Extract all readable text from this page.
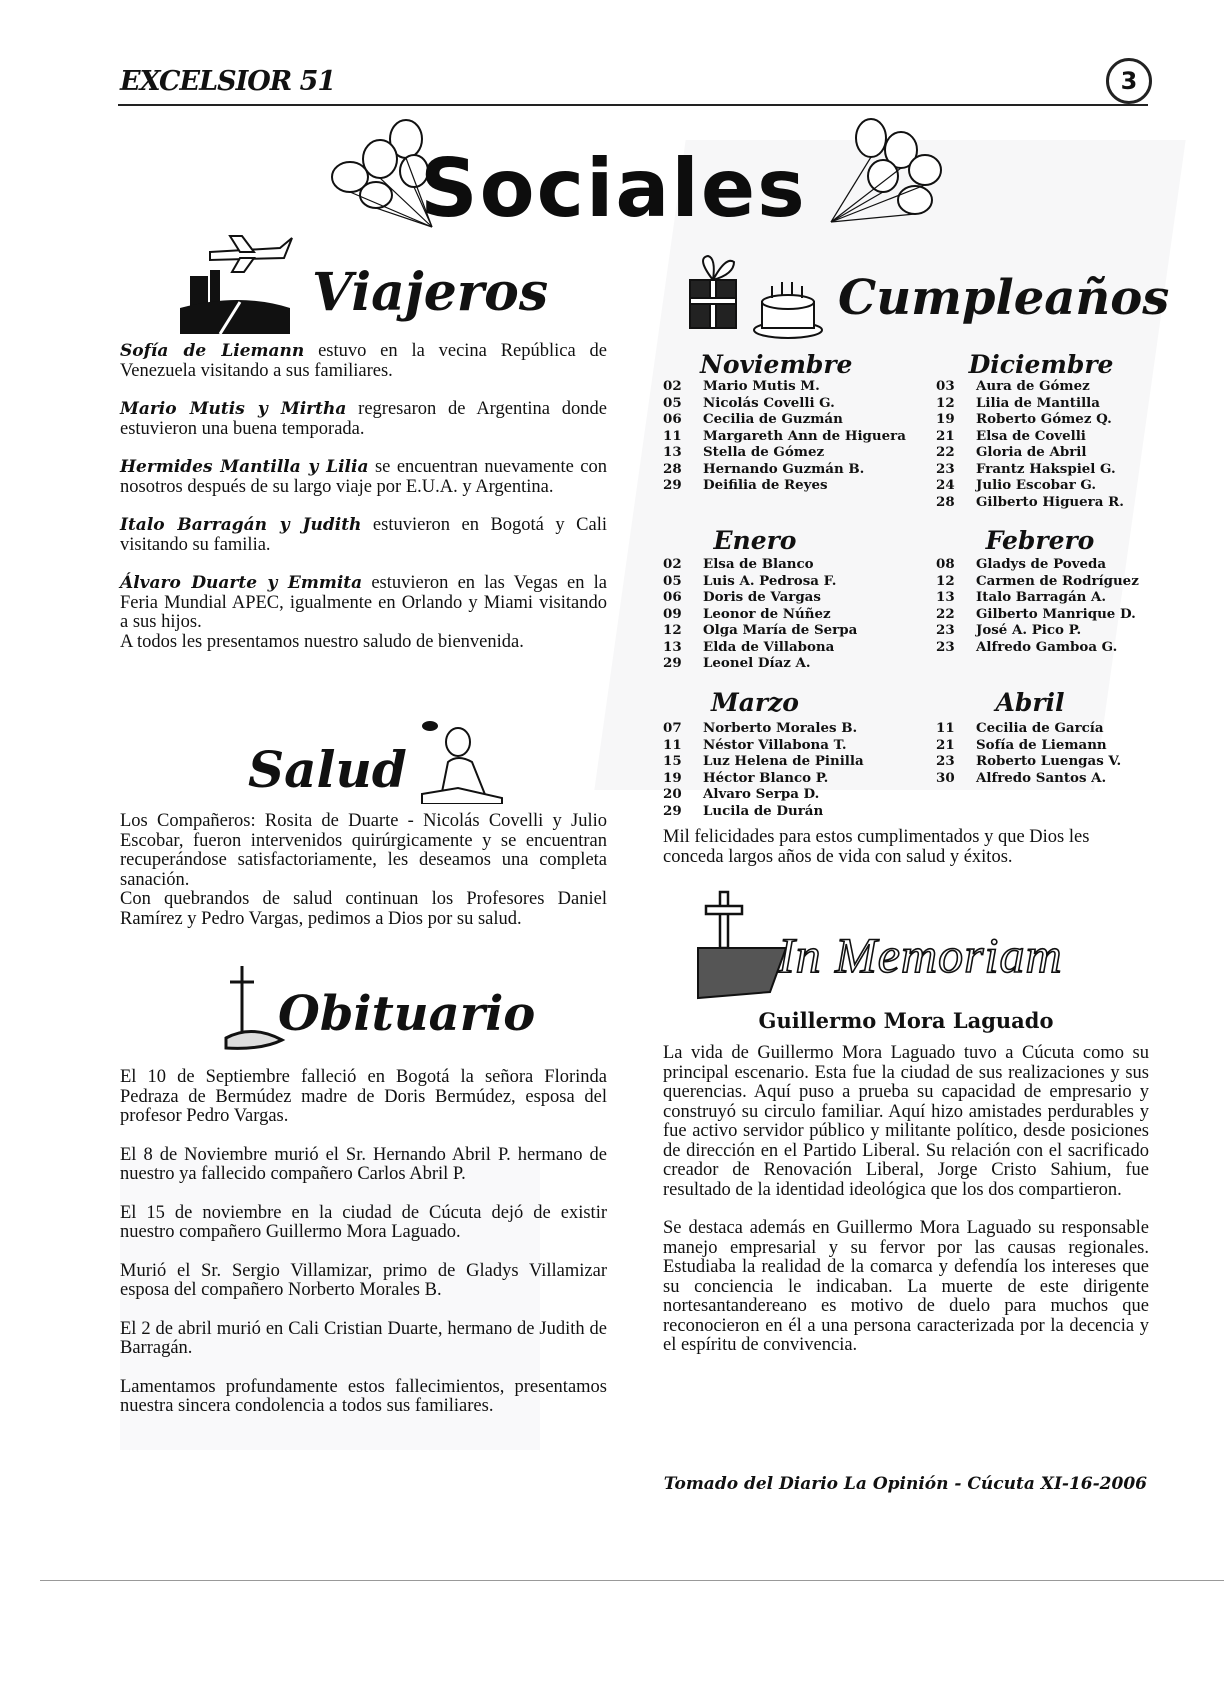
EXCELSIOR 51	3
Sociales
Viajeros

Sofía de Liemann estuvo en la vecina República de Venezuela visitando a sus familiares.

Mario Mutis y Mirtha regresaron de Argentina donde estuvieron una buena temporada.

Hermides Mantilla y Lilia se encuentran nuevamente con nosotros después de su largo viaje por E.U.A. y Argentina.

Italo Barragán y Judith estuvieron en Bogotá y Cali visitando su familia.

Álvaro Duarte y Emmita estuvieron en las Vegas en la Feria Mundial APEC, igualmente en Orlando y Miami visitando a sus hijos.

A todos les presentamos nuestro saludo de bienvenida.

Salud

Los Compañeros: Rosita de Duarte - Nicolás Covelli y Julio Escobar, fueron intervenidos quirúrgicamente y se encuentran recuperándose satisfactoriamente, les deseamos una completa sanación.

Con quebrandos de salud continuan los Profesores Daniel Ramírez y Pedro Vargas, pedimos a Dios por su salud.

Obituario

El 10 de Septiembre falleció en Bogotá la señora Florinda Pedraza de Bermúdez madre de Doris Bermúdez, esposa del profesor Pedro Vargas.

El 8 de Noviembre murió el Sr. Hernando Abril P. hermano de nuestro ya fallecido compañero Carlos Abril P.

El 15 de noviembre en la ciudad de Cúcuta dejó de existir nuestro compañero Guillermo Mora Laguado.

Murió el Sr. Sergio Villamizar, primo de Gladys Villamizar esposa del compañero Norberto Morales B.

El 2 de abril murió en Cali Cristian Duarte, hermano de Judith de Barragán.

Lamentamos profundamente estos fallecimientos, presentamos nuestra sincera condolencia a todos sus familiares.

Cumpleaños
Noviembre	Diciembre
02 Mario Mutis M.
05 Nicolás Covelli G.
06 Cecilia de Guzmán
11 Margareth Ann de Higuera
13 Stella de Gómez
28 Hernando Guzmán B.
29 Deifilia de Reyes
03 Aura de Gómez
12 Lilia de Mantilla
19 Roberto Gómez Q.
21 Elsa de Covelli
22 Gloria de Abril
23 Frantz Hakspiel G.
24 Julio Escobar G.
28 Gilberto Higuera R.
Enero	Febrero
02 Elsa de Blanco
05 Luis A. Pedrosa F.
06 Doris de Vargas
09 Leonor de Núñez
12 Olga María de Serpa
13 Elda de Villabona
29 Leonel Díaz A.
08 Gladys de Poveda
12 Carmen de Rodríguez
13 Italo Barragán A.
22 Gilberto Manrique D.
23 José A. Pico P.
23 Alfredo Gamboa G.
Marzo	Abril
07 Norberto Morales B.
11 Néstor Villabona T.
15 Luz Helena de Pinilla
19 Héctor Blanco P.
20 Alvaro Serpa D.
29 Lucila de Durán
11 Cecilia de García
21 Sofía de Liemann
23 Roberto Luengas V.
30 Alfredo Santos A.
Mil felicidades para estos cumplimentados y que Dios les conceda largos años de vida con salud y éxitos.
In Memoriam
Guillermo Mora Laguado

La vida de Guillermo Mora Laguado tuvo a Cúcuta como su principal escenario. Esta fue la ciudad de sus realizaciones y sus querencias. Aquí puso a prueba su capacidad de empresario y construyó su circulo familiar. Aquí hizo amistades perdurables y fue activo servidor público y militante político, desde posiciones de dirección en el Partido Liberal. Su relación con el sacrificado creador de Renovación Liberal, Jorge Cristo Sahium, fue resultado de la identidad ideológica que los dos compartieron.

Se destaca además en Guillermo Mora Laguado su responsable manejo empresarial y su fervor por las causas regionales. Estudiaba la realidad de la comarca y defendía los intereses que su conciencia le indicaban. La muerte de este dirigente nortesantandereano es motivo de duelo para muchos que reconocieron en él a una persona caracterizada por la decencia y el espíritu de convivencia.

Tomado del Diario La Opinión - Cúcuta XI-16-2006
